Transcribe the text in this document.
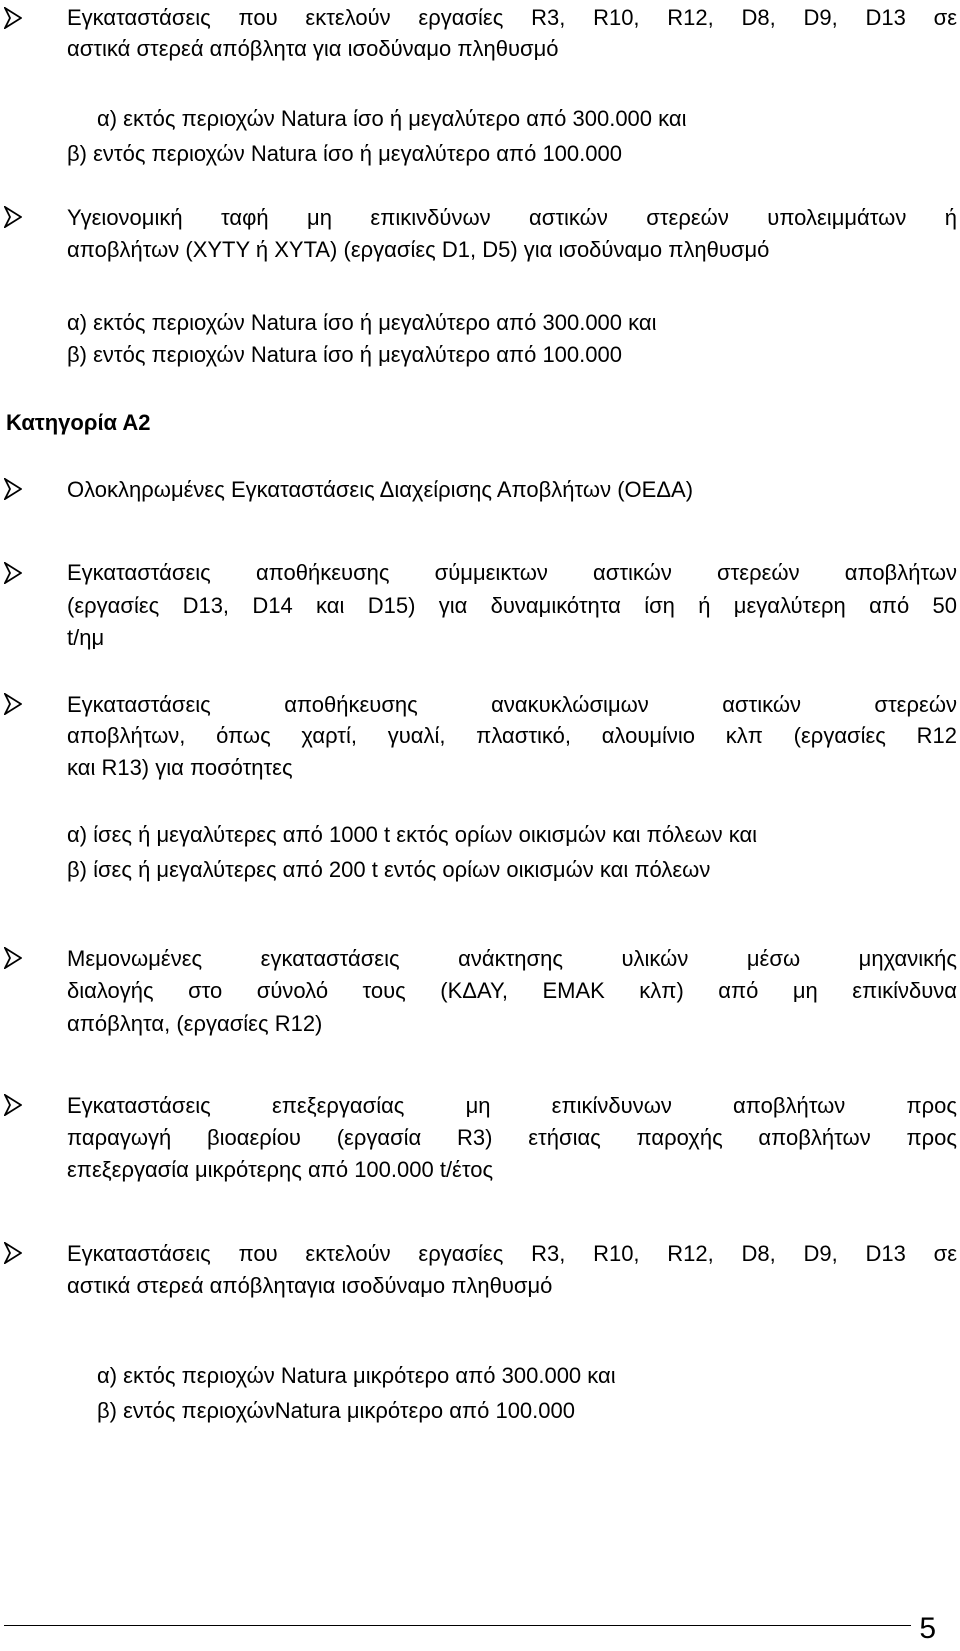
Εγκαταστάσεις που εκτελούν εργασίες R3, R10, R12, D8, D9, D13 σε
αστικά στερεά απόβλητα για ισοδύναμο πληθυσμό
α) εκτός περιοχών Natura ίσο ή μεγαλύτερο από 300.000 και
β) εντός περιοχών Natura ίσο ή μεγαλύτερο από 100.000
Υγειονομική ταφή μη επικινδύνων αστικών στερεών υπολειμμάτων ή
αποβλήτων (ΧΥΤΥ ή ΧΥΤΑ) (εργασίες D1, D5) για ισοδύναμο πληθυσμό
α) εκτός περιοχών Natura ίσο ή μεγαλύτερο από 300.000 και
β) εντός περιοχών Natura ίσο ή μεγαλύτερο από 100.000
Κατηγορία Α2
Ολοκληρωμένες Εγκαταστάσεις Διαχείρισης Αποβλήτων (ΟΕΔΑ)
Εγκαταστάσεις αποθήκευσης σύμμεικτων αστικών στερεών αποβλήτων
(εργασίες D13, D14 και D15) για δυναμικότητα ίση ή μεγαλύτερη από 50
t/ημ
Εγκαταστάσεις αποθήκευσης ανακυκλώσιμων αστικών στερεών
αποβλήτων, όπως χαρτί, γυαλί, πλαστικό, αλουμίνιο κλπ (εργασίες R12
και R13) για ποσότητες
α) ίσες ή μεγαλύτερες από 1000 t εκτός ορίων οικισμών και πόλεων και
β) ίσες ή μεγαλύτερες από 200 t εντός ορίων οικισμών και πόλεων
Μεμονωμένες εγκαταστάσεις ανάκτησης υλικών μέσω μηχανικής
διαλογής στο σύνολό τους (ΚΔΑΥ, ΕΜΑΚ κλπ) από μη επικίνδυνα
απόβλητα, (εργασίες R12)
Εγκαταστάσεις επεξεργασίας μη επικίνδυνων αποβλήτων προς
παραγωγή βιοαερίου (εργασία R3) ετήσιας παροχής αποβλήτων προς
επεξεργασία μικρότερης από 100.000 t/έτος
Εγκαταστάσεις που εκτελούν εργασίες R3, R10, R12, D8, D9, D13 σε
αστικά στερεά απόβληταγια ισοδύναμο πληθυσμό
α) εκτός περιοχών Natura μικρότερο από 300.000 και
β) εντός περιοχώνNatura μικρότερο από 100.000
5
